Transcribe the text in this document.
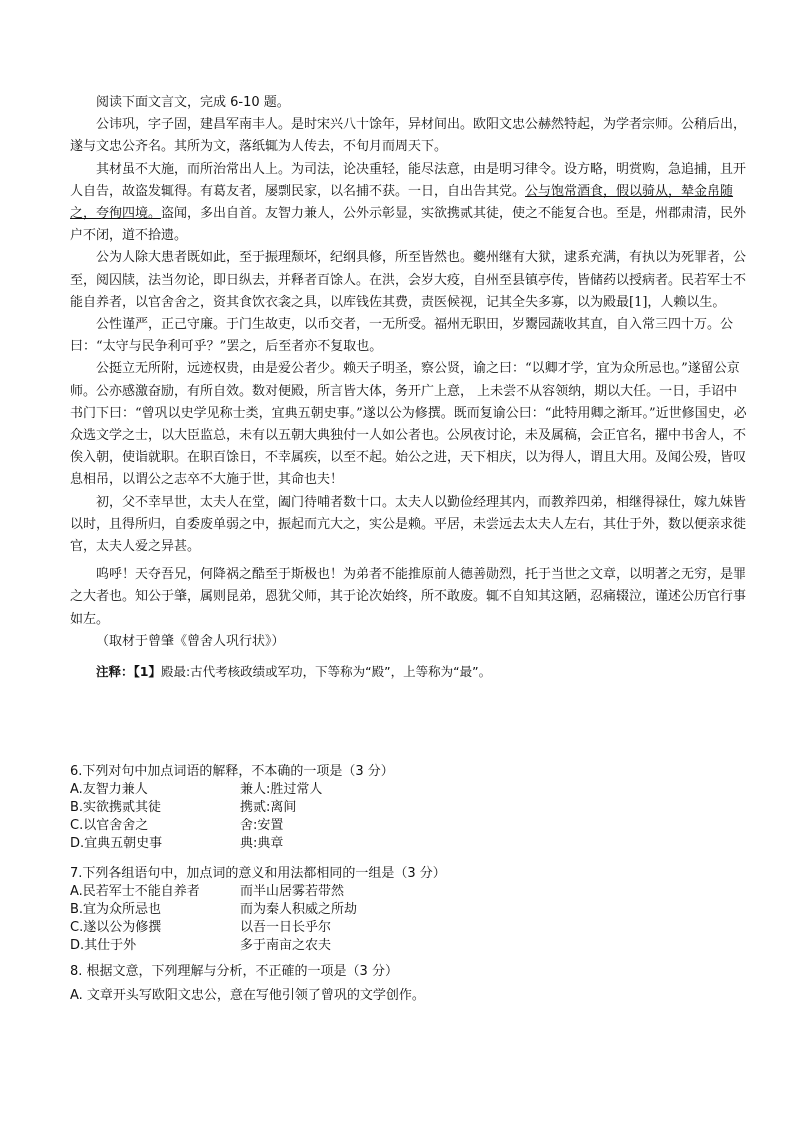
阅读下面文言文，完成 6-10 题。

公讳巩，字子固，建昌军南丰人。是时宋兴八十馀年，异材间出。欧阳文忠公赫然特起，为学者宗师。公稍后出，遂与文忠公齐名。其所为文，落纸辄为人传去，不旬月而周天下。

其材虽不大施，而所治常出人上。为司法，论决重轻，能尽法意，由是明习律令。设方略，明赏购，急追捕，且开人自告，故盗发辄得。有葛友者，屡剽民家，以名捕不获。一日，自出告其党。公与饱常酒食，假以骑从，辇金帛随之，夸徇四境。盗闻，多出自首。友智力兼人，公外示彰显，实欲携贰其徒，使之不能复合也。至是，州郡肃清，民外户不闭，道不拾遗。

公为人除大患者既如此，至于振理颓坏，纪纲具修，所至皆然也。夔州继有大狱，逮系充满，有执以为死罪者，公至，阅囚牍，法当勿论，即日纵去，并释者百馀人。在洪，会岁大疫，自州至县镇亭传，皆储药以授病者。民若军士不能自养者，以官舍舍之，资其食饮衣衾之具，以库钱佐其费，责医候视，记其全失多寡，以为殿最[1]，人赖以生。

公性谨严，正己守廉。于门生故吏，以币交者，一无所受。福州无职田，岁鬻园蔬收其直，自入常三四十万。公曰：“太守与民争利可乎？”罢之，后至者亦不复取也。

公挺立无所附，远迹权贵，由是爱公者少。赖天子明圣，察公贤，谕之曰：“以卿才学，宜为众所忌也。”遂留公京师。公亦感激奋励，有所自效。数对便殿，所言皆大体，务开广上意， 上未尝不从容领纳，期以大任。一日，手诏中书门下曰：“曾巩以史学见称士类，宜典五朝史事。”遂以公为修撰。既而复谕公曰：“此特用卿之渐耳。”近世修国史，必众选文学之士，以大臣监总，未有以五朝大典独付一人如公者也。公夙夜讨论，未及属稿，会正官名，擢中书舍人，不俟入朝，使诣就职。在职百馀日，不幸属疾，以至不起。始公之进，天下相庆，以为得人，谓且大用。及闻公殁，皆叹息相吊，以谓公之志卒不大施于世，其命也夫！

初，父不幸早世，太夫人在堂，阖门待哺者数十口。太夫人以勤俭经理其内，而教养四弟，相继得禄仕，嫁九妹皆以时，且得所归，自委废单弱之中，振起而亢大之，实公是赖。平居，未尝远去太夫人左右，其仕于外，数以便亲求徙官，太夫人爱之异甚。

呜呼！天夺吾兄，何降祸之酷至于斯极也！为弟者不能推原前人德善勋烈，托于当世之文章，以明著之无穷，是罪之大者也。知公于肇，属则昆弟，恩犹父师，其于论次始终，所不敢废。辄不自知其这陋，忍痛辍泣，谨述公历官行事如左。

（取材于曾肇《曾舍人巩行状》）

注释：【1】殿最:古代考核政绩或军功，下等称为“殿”，上等称为“最”。

6.下列对句中加点词语的解释，不本确的一项是（3 分）

A.友智力兼人	兼人:胜过常人
B.实欲携贰其徒	携贰:离间
C.以官舍舍之	舍:安置
D.宜典五朝史事	典:典章

7.下列各组语句中，加点词的意义和用法都相同的一组是（3 分）

A.民若军士不能自养者	而半山居雾若带然
B.宜为众所忌也	而为秦人积威之所劫
C.遂以公为修撰	以吾一日长乎尔
D.其仕于外	多于南亩之农夫

8. 根据文意，下列理解与分析，不正確的一项是（3 分）

A. 文章开头写欧阳文忠公，意在写他引领了曾巩的文学创作。
